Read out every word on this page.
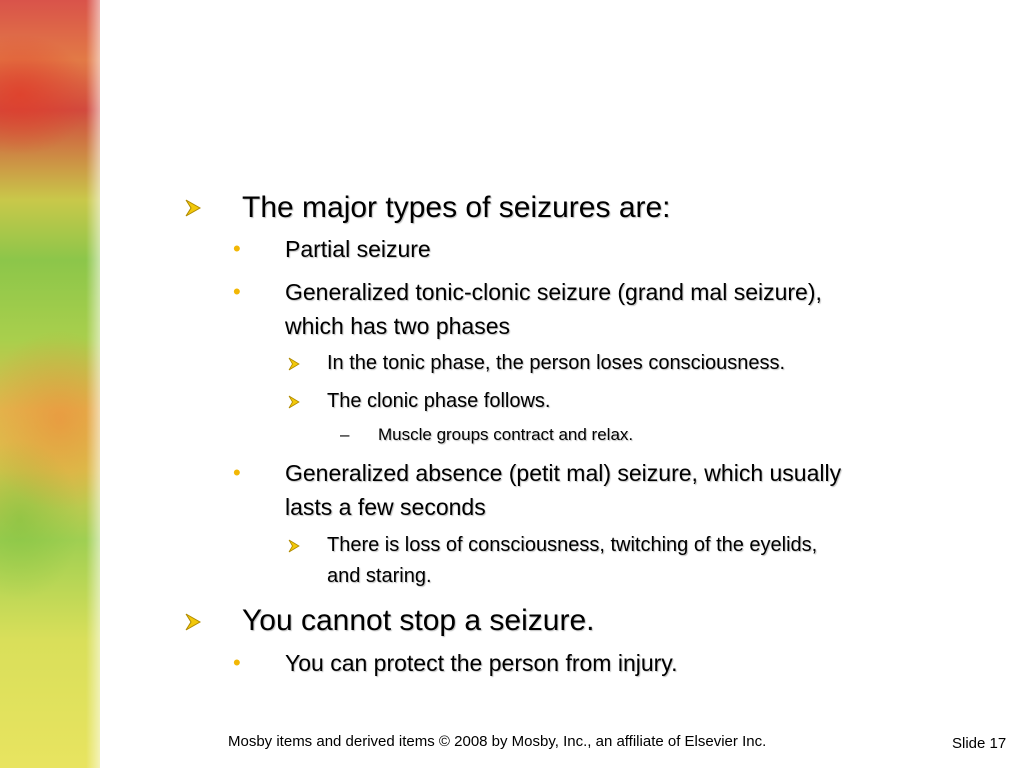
The major types of seizures are:
• Partial seizure
• Generalized tonic-clonic seizure (grand mal seizure),
which has two phases
In the tonic phase, the person loses consciousness.
The clonic phase follows.
– Muscle groups contract and relax.
• Generalized absence (petit mal) seizure, which usually
lasts a few seconds
There is loss of consciousness, twitching of the eyelids,
and staring.
You cannot stop a seizure.
• You can protect the person from injury.
Mosby items and derived items © 2008 by Mosby, Inc., an affiliate of Elsevier Inc.	Slide 17
